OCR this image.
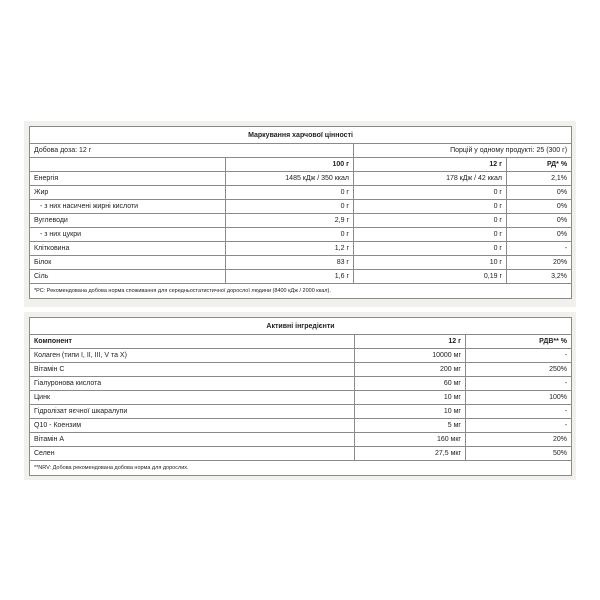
Маркування харчової цінності			
Добова доза: 12 г		Порцій у одному продукті: 25 (300 г)	
	100 г	12 г	РД* %
Енергія	1485 кДж / 350 ккал	178 кДж / 42 ккал	2,1%
Жир	0 г	0 г	0%
- з них насичені жирні кислоти	0 г	0 г	0%
Вуглеводи	2,9 г	0 г	0%
- з них цукри	0 г	0 г	0%
Клітковина	1,2 г	0 г	-
Білок	83 г	10 г	20%
Сіль	1,6 г	0,19 г	3,2%
*РС: Рекомендована добова норма споживання для середньостатистичної дорослої людини (8400 кДж / 2000 ккал).			
Активні інгредієнти		
Компонент	12 г	РДВ** %
Колаген (типи I, II, III, V та X)	10000 мг	-
Вітамін С	200 мг	250%
Гіалуронова кислота	60 мг	-
Цинк	10 мг	100%
Гідролізат яєчної шкаралупи	10 мг	-
Q10 - Коензим	5 мг	-
Вітамін А	160 мкг	20%
Селен	27,5 мкг	50%
**NRV: Добова рекомендована добова норма для дорослих.		
